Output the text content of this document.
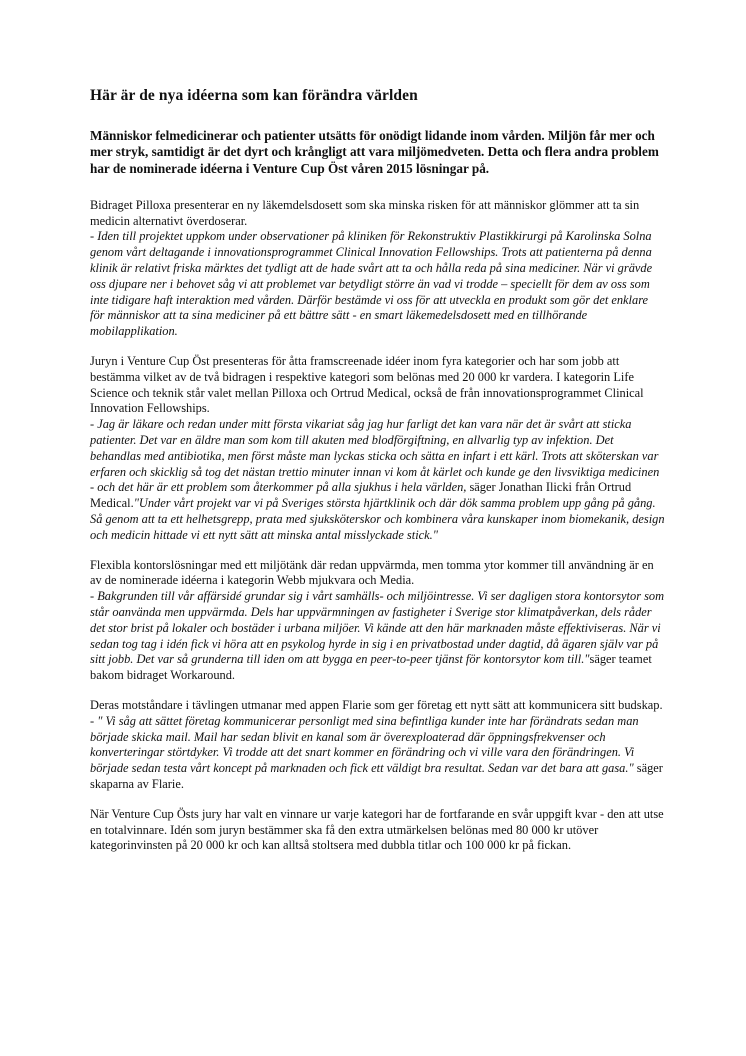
Här är de nya idéerna som kan förändra världen

Människor felmedicinerar och patienter utsätts för onödigt lidande inom vården. Miljön får mer och mer stryk, samtidigt är det dyrt och krångligt att vara miljömedveten. Detta och flera andra problem har de nominerade idéerna i Venture Cup Öst våren 2015 lösningar på.

Bidraget Pilloxa presenterar en ny läkemdelsdosett som ska minska risken för att människor glömmer att ta sin medicin alternativt överdoserar.
- Iden till projektet uppkom under observationer på kliniken för Rekonstruktiv Plastikkirurgi på Karolinska Solna genom vårt deltagande i innovationsprogrammet Clinical Innovation Fellowships. Trots att patienterna på denna klinik är relativt friska märktes det tydligt att de hade svårt att ta och hålla reda på sina mediciner. När vi grävde oss djupare ner i behovet såg vi att problemet var betydligt större än vad vi trodde – speciellt för dem av oss som inte tidigare haft interaktion med vården. Därför bestämde vi oss för att utveckla en produkt som gör det enklare för människor att ta sina mediciner på ett bättre sätt - en smart läkemedelsdosett med en tillhörande mobilapplikation.

Juryn i Venture Cup Öst presenteras för åtta framscreenade idéer inom fyra kategorier och har som jobb att bestämma vilket av de två bidragen i respektive kategori som belönas med 20 000 kr vardera. I kategorin Life Science och teknik står valet mellan Pilloxa och Ortrud Medical, också de från innovationsprogrammet Clinical Innovation Fellowships.
- Jag är läkare och redan under mitt första vikariat såg jag hur farligt det kan vara när det är svårt att sticka patienter. Det var en äldre man som kom till akuten med blodförgiftning, en allvarlig typ av infektion. Det behandlas med antibiotika, men först måste man lyckas sticka och sätta en infart i ett kärl. Trots att sköterskan var erfaren och skicklig så tog det nästan trettio minuter innan vi kom åt kärlet och kunde ge den livsviktiga medicinen - och det här är ett problem som återkommer på alla sjukhus i hela världen, säger Jonathan Ilicki från Ortrud Medical."Under vårt projekt var vi på Sveriges största hjärtklinik och där dök samma problem upp gång på gång. Så genom att ta ett helhetsgrepp, prata med sjuksköterskor och kombinera våra kunskaper inom biomekanik, design och medicin hittade vi ett nytt sätt att minska antal misslyckade stick."

Flexibla kontorslösningar med ett miljötänk där redan uppvärmda, men tomma ytor kommer till användning är en av de nominerade idéerna i kategorin Webb mjukvara och Media.
- Bakgrunden till vår affärsidé grundar sig i vårt samhälls- och miljöintresse. Vi ser dagligen stora kontorsytor som står oanvända men uppvärmda. Dels har uppvärmningen av fastigheter i Sverige stor klimatpåverkan, dels råder det stor brist på lokaler och bostäder i urbana miljöer. Vi kände att den här marknaden måste effektiviseras. När vi sedan tog tag i idén fick vi höra att en psykolog hyrde in sig i en privatbostad under dagtid, då ägaren själv var på sitt jobb. Det var så grunderna till iden om att bygga en peer-to-peer tjänst för kontorsytor kom till."säger teamet bakom bidraget Workaround.

Deras motståndare i tävlingen utmanar med appen Flarie som ger företag ett nytt sätt att kommunicera sitt budskap.
- " Vi såg att sättet företag kommunicerar personligt med sina befintliga kunder inte har förändrats sedan man började skicka mail. Mail har sedan blivit en kanal som är överexploaterad där öppningsfrekvenser och konverteringar störtdyker. Vi trodde att det snart kommer en förändring och vi ville vara den förändringen. Vi började sedan testa vårt koncept på marknaden och fick ett väldigt bra resultat. Sedan var det bara att gasa." säger skaparna av Flarie.

När Venture Cup Östs jury har valt en vinnare ur varje kategori har de fortfarande en svår uppgift kvar - den att utse en totalvinnare. Idén som juryn bestämmer ska få den extra utmärkelsen belönas med 80 000 kr utöver kategorinvinsten på 20 000 kr och kan alltså stoltsera med dubbla titlar och 100 000 kr på fickan.
